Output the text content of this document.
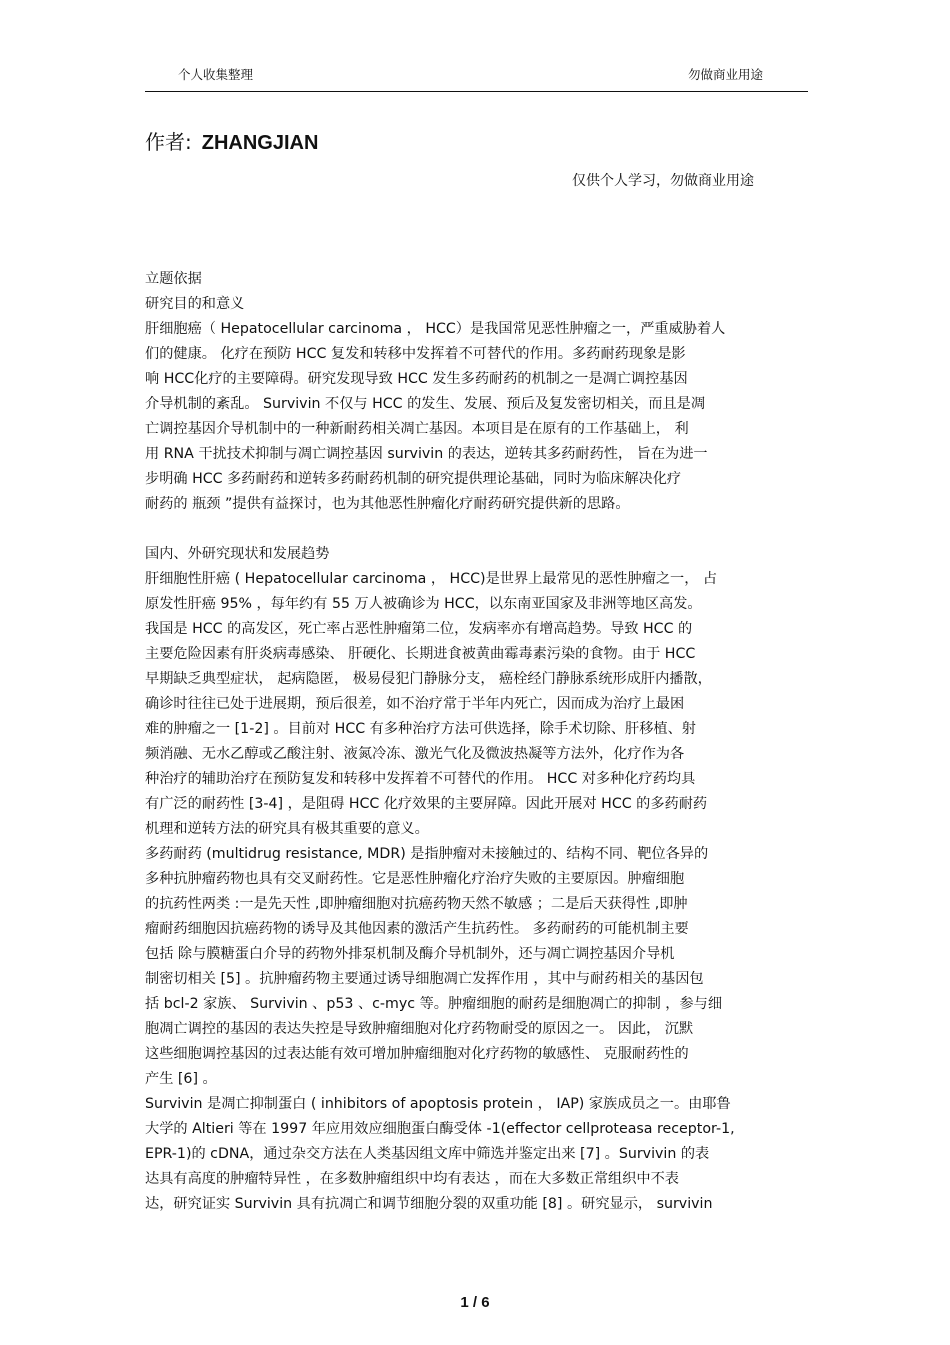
个人收集整理	勿做商业用途
作者: ZHANGJIAN
仅供个人学习，勿做商业用途
立题依据
研究目的和意义
肝细胞癌（ Hepatocellular carcinoma ， HCC）是我国常见恶性肿瘤之一，严重威胁着人
们的健康。 化疗在预防 HCC 复发和转移中发挥着不可替代的作用。多药耐药现象是影
响 HCC化疗的主要障碍。研究发现导致 HCC 发生多药耐药的机制之一是凋亡调控基因
介导机制的紊乱。 Survivin 不仅与 HCC 的发生、发展、预后及复发密切相关，而且是凋
亡调控基因介导机制中的一种新耐药相关凋亡基因。本项目是在原有的工作基础上， 利
用 RNA 干扰技术抑制与凋亡调控基因 survivin 的表达，逆转其多药耐药性， 旨在为进一
步明确 HCC 多药耐药和逆转多药耐药机制的研究提供理论基础，同时为临床解决化疗
耐药的 瓶颈 ”提供有益探讨，也为其他恶性肿瘤化疗耐药研究提供新的思路。
国内、外研究现状和发展趋势
肝细胞性肝癌 ( Hepatocellular carcinoma ， HCC)是世界上最常见的恶性肿瘤之一， 占
原发性肝癌 95% ，每年约有 55 万人被确诊为 HCC，以东南亚国家及非洲等地区高发。
我国是 HCC 的高发区，死亡率占恶性肿瘤第二位，发病率亦有增高趋势。导致 HCC 的
主要危险因素有肝炎病毒感染、 肝硬化、长期进食被黄曲霉毒素污染的食物。由于 HCC
早期缺乏典型症状， 起病隐匿， 极易侵犯门静脉分支， 癌栓经门静脉系统形成肝内播散，
确诊时往往已处于进展期，预后很差，如不治疗常于半年内死亡，因而成为治疗上最困
难的肿瘤之一 [1-2] 。目前对 HCC 有多种治疗方法可供选择，除手术切除、肝移植、射
频消融、无水乙醇或乙酸注射、液氮冷冻、激光气化及微波热凝等方法外，化疗作为各
种治疗的辅助治疗在预防复发和转移中发挥着不可替代的作用。 HCC 对多种化疗药均具
有广泛的耐药性 [3-4] ，是阻碍 HCC 化疗效果的主要屏障。因此开展对 HCC 的多药耐药
机理和逆转方法的研究具有极其重要的意义。
多药耐药 (multidrug resistance, MDR) 是指肿瘤对未接触过的、结构不同、靶位各异的
多种抗肿瘤药物也具有交叉耐药性。它是恶性肿瘤化疗治疗失败的主要原因。肿瘤细胞
的抗药性两类 :一是先天性 ,即肿瘤细胞对抗癌药物天然不敏感 ；二是后天获得性 ,即肿
瘤耐药细胞因抗癌药物的诱导及其他因素的激活产生抗药性。 多药耐药的可能机制主要
包括 除与膜糖蛋白介导的药物外排泵机制及酶介导机制外，还与凋亡调控基因介导机
制密切相关 [5] 。抗肿瘤药物主要通过诱导细胞凋亡发挥作用 ，其中与耐药相关的基因包
括 bcl-2 家族、 Survivin 、p53 、c-myc 等。肿瘤细胞的耐药是细胞凋亡的抑制 ，参与细
胞凋亡调控的基因的表达失控是导致肿瘤细胞对化疗药物耐受的原因之一。 因此， 沉默
这些细胞调控基因的过表达能有效可增加肿瘤细胞对化疗药物的敏感性、 克服耐药性的
产生 [6] 。
Survivin 是凋亡抑制蛋白 ( inhibitors of apoptosis protein ， IAP) 家族成员之一。由耶鲁
大学的 Altieri 等在 1997 年应用效应细胞蛋白酶受体 -1(effector cellproteasa receptor-1,
EPR-1)的 cDNA，通过杂交方法在人类基因组文库中筛选并鉴定出来 [7] 。Survivin 的表
达具有高度的肿瘤特异性 ，在多数肿瘤组织中均有表达 ，而在大多数正常组织中不表
达，研究证实 Survivin 具有抗凋亡和调节细胞分裂的双重功能 [8] 。研究显示， survivin
1 / 6
